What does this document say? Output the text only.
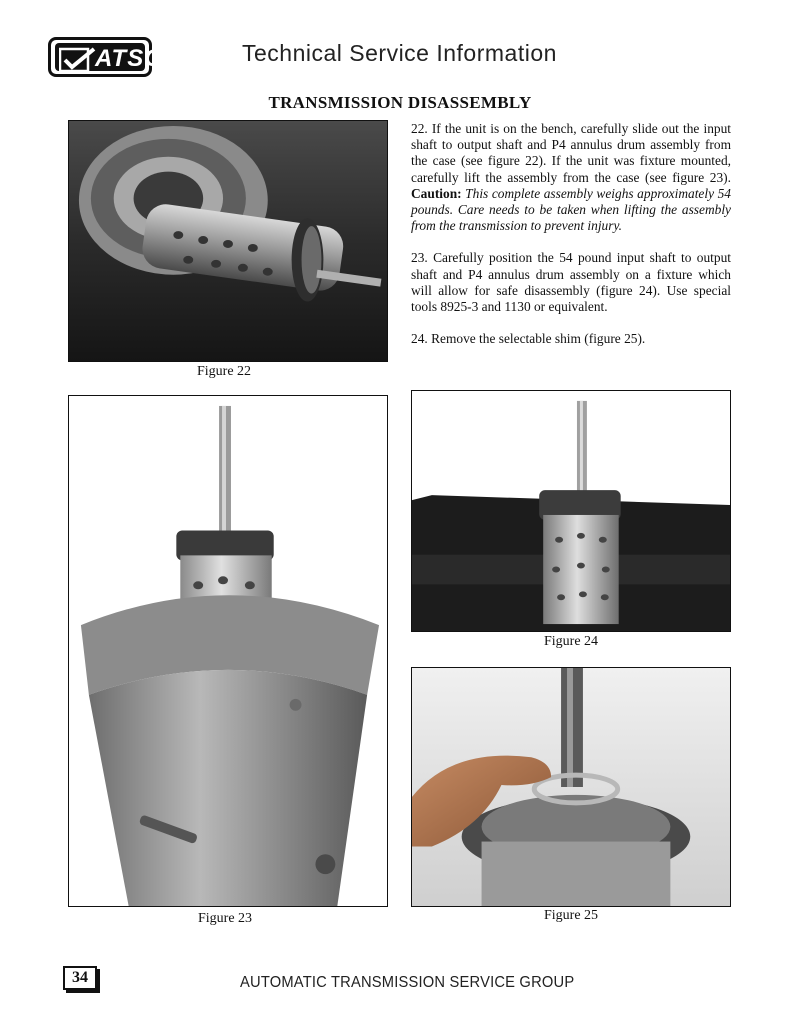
ATSG	Technical Service Information
TRANSMISSION DISASSEMBLY
Figure 22
Figure 23

22. If the unit is on the bench, carefully slide out the input shaft to output shaft and P4 annulus drum assembly from the case (see figure 22). If the unit was fixture mounted, carefully lift the assembly from the case (see figure 23). Caution: This complete assembly weighs approximately 54 pounds. Care needs to be taken when lifting the assembly from the transmission to prevent injury.

23. Carefully position the 54 pound input shaft to output shaft and P4 annulus drum assembly on a fixture which will allow for safe disassembly (figure 24). Use special tools 8925-3 and 1130 or equivalent.

24. Remove the selectable shim (figure 25).

Figure 24
Figure 25
34	AUTOMATIC TRANSMISSION SERVICE GROUP
